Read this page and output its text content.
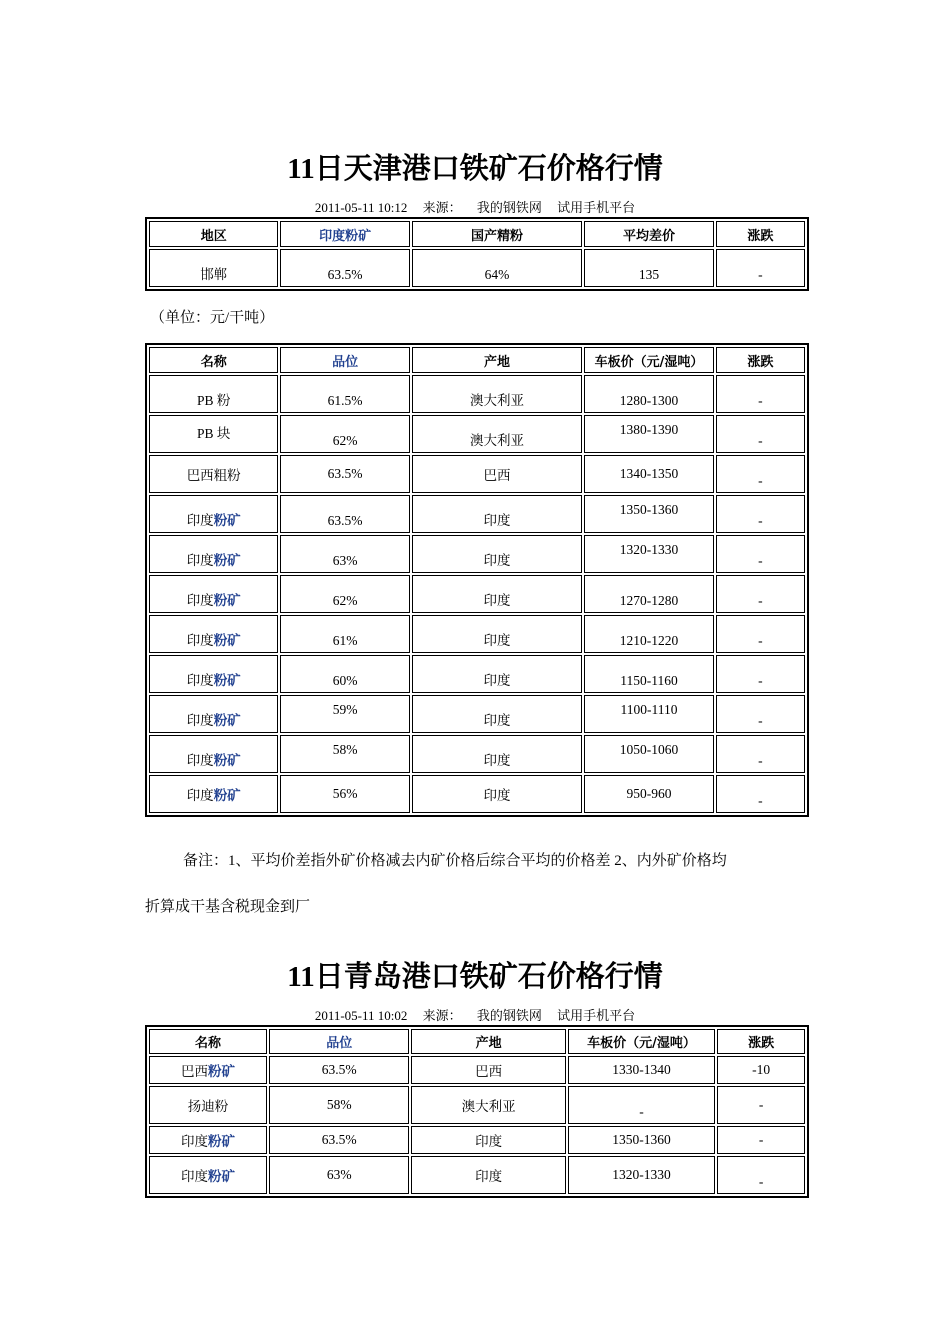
11日天津港口铁矿石价格行情
2011-05-11 10:12 来源： 我的钢铁网 试用手机平台
地区	印度粉矿	国产精粉	平均差价	涨跌
邯郸	63.5%	64%	135	-
（单位：元/干吨）
名称	品位	产地	车板价（元/湿吨）	涨跌
PB 粉	61.5%	澳大利亚	1280-1300	-
PB 块	62%	澳大利亚	1380-1390	-
巴西粗粉	63.5%	巴西	1340-1350	-
印度粉矿	63.5%	印度	1350-1360	-
印度粉矿	63%	印度	1320-1330	-
印度粉矿	62%	印度	1270-1280	-
印度粉矿	61%	印度	1210-1220	-
印度粉矿	60%	印度	1150-1160	-
印度粉矿	59%	印度	1100-1110	-
印度粉矿	58%	印度	1050-1060	-
印度粉矿	56%	印度	950-960	-
备注：1、平均价差指外矿价格减去内矿价格后综合平均的价格差 2、内外矿价格均
折算成干基含税现金到厂
11日青岛港口铁矿石价格行情
2011-05-11 10:02 来源： 我的钢铁网 试用手机平台
名称	品位	产地	车板价（元/湿吨）	涨跌
巴西粉矿	63.5%	巴西	1330-1340	-10
扬迪粉	58%	澳大利亚	-	-
印度粉矿	63.5%	印度	1350-1360	-
印度粉矿	63%	印度	1320-1330	-
